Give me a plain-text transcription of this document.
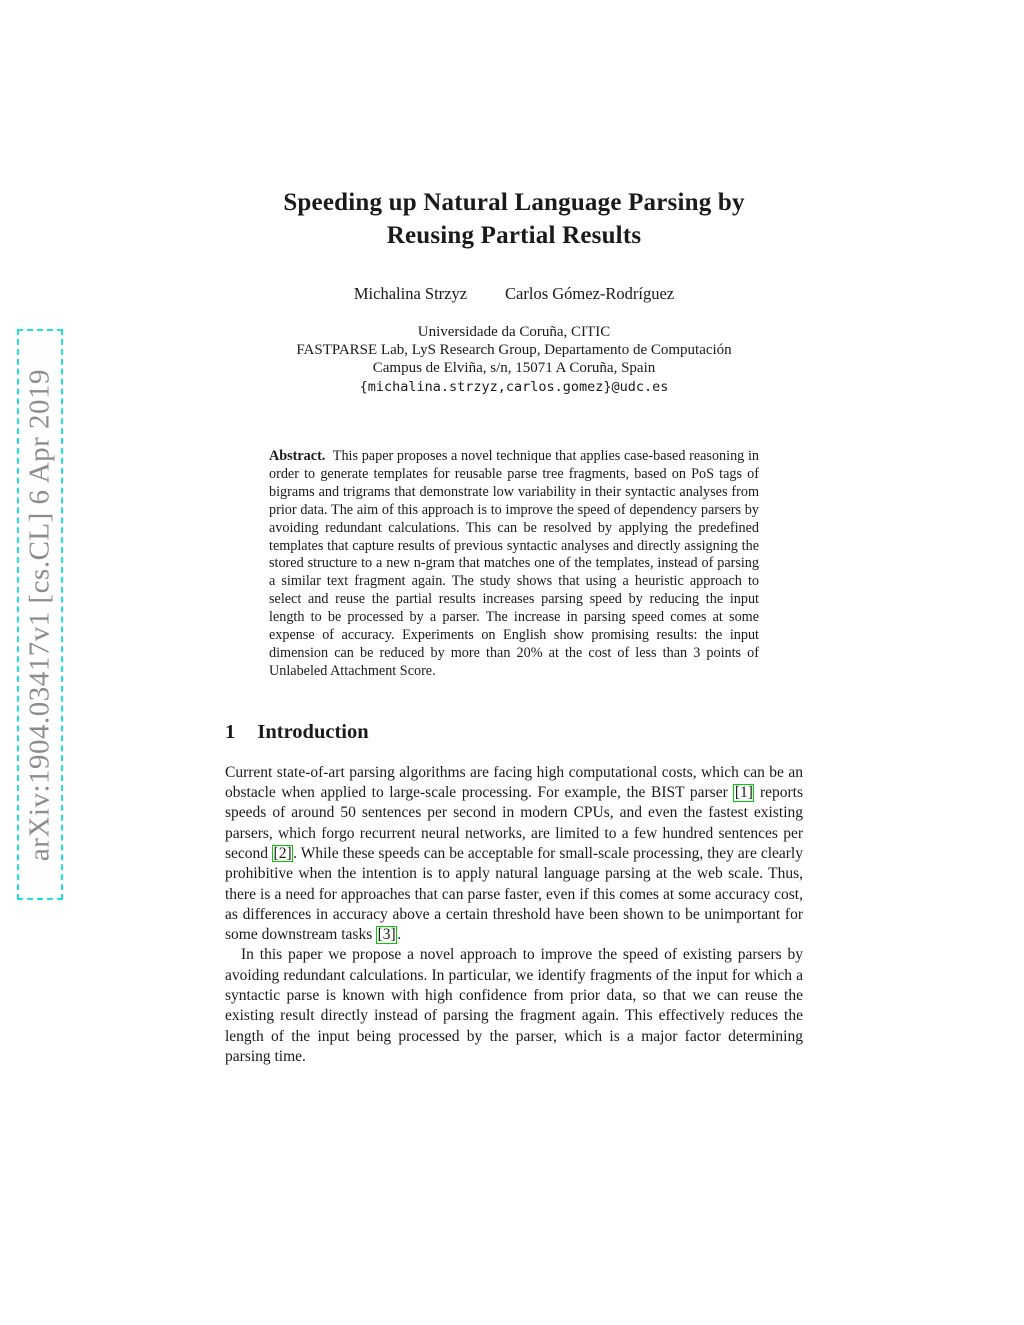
arXiv:1904.03417v1 [cs.CL] 6 Apr 2019
Speeding up Natural Language Parsing by
Reusing Partial Results
Michalina Strzyz Carlos Gómez-Rodríguez
Universidade da Coruña, CITIC
FASTPARSE Lab, LyS Research Group, Departamento de Computación
Campus de Elviña, s/n, 15071 A Coruña, Spain
{michalina.strzyz,carlos.gomez}@udc.es
Abstract. This paper proposes a novel technique that applies case-based reasoning in order to generate templates for reusable parse tree fragments, based on PoS tags of bigrams and trigrams that demonstrate low variability in their syntactic analyses from prior data. The aim of this approach is to improve the speed of dependency parsers by avoiding redundant calculations. This can be resolved by applying the predefined templates that capture results of previous syntactic analyses and directly assigning the stored structure to a new n-gram that matches one of the templates, instead of parsing a similar text fragment again. The study shows that using a heuristic approach to select and reuse the partial results increases parsing speed by reducing the input length to be processed by a parser. The increase in parsing speed comes at some expense of accuracy. Experiments on English show promising results: the input dimension can be reduced by more than 20% at the cost of less than 3 points of Unlabeled Attachment Score.
1 Introduction

Current state-of-art parsing algorithms are facing high computational costs, which can be an obstacle when applied to large-scale processing. For example, the BIST parser [1] reports speeds of around 50 sentences per second in modern CPUs, and even the fastest existing parsers, which forgo recurrent neural networks, are limited to a few hundred sentences per second [2]. While these speeds can be acceptable for small-scale processing, they are clearly prohibitive when the intention is to apply natural language parsing at the web scale. Thus, there is a need for approaches that can parse faster, even if this comes at some accuracy cost, as differences in accuracy above a certain threshold have been shown to be unimportant for some downstream tasks [3].

In this paper we propose a novel approach to improve the speed of existing parsers by avoiding redundant calculations. In particular, we identify fragments of the input for which a syntactic parse is known with high confidence from prior data, so that we can reuse the existing result directly instead of parsing the fragment again. This effectively reduces the length of the input being processed by the parser, which is a major factor determining parsing time.
